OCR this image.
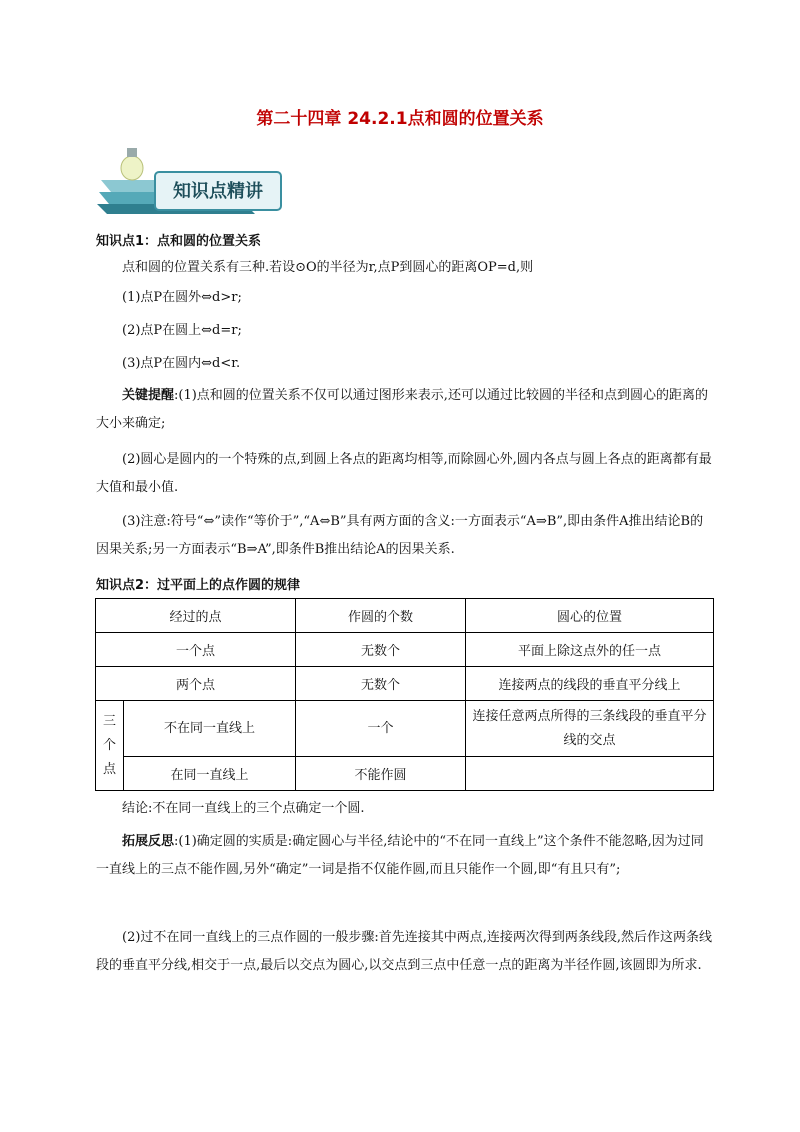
第二十四章 24.2.1点和圆的位置关系
知识点精讲
知识点1：点和圆的位置关系
点和圆的位置关系有三种.若设⊙O的半径为r,点P到圆心的距离OP=d,则
(1)点P在圆外⇔d>r;
(2)点P在圆上⇔d=r;
(3)点P在圆内⇔d<r.
关键提醒:(1)点和圆的位置关系不仅可以通过图形来表示,还可以通过比较圆的半径和点到圆心的距离的大小来确定;
(2)圆心是圆内的一个特殊的点,到圆上各点的距离均相等,而除圆心外,圆内各点与圆上各点的距离都有最大值和最小值.
(3)注意:符号“⇔”读作“等价于”,“A⇔B”具有两方面的含义:一方面表示“A⇒B”,即由条件A推出结论B的因果关系;另一方面表示“B⇒A”,即条件B推出结论A的因果关系.
知识点2：过平面上的点作圆的规律
经过的点		作圆的个数	圆心的位置
一个点		无数个	平面上除这点外的任一点
两个点		无数个	连接两点的线段的垂直平分线上

三
个
点	不在同一直线上	一个	连接任意两点所得的三条线段的垂直平分线的交点
	在同一直线上	不能作圆	
结论:不在同一直线上的三个点确定一个圆.
拓展反思:(1)确定圆的实质是:确定圆心与半径,结论中的“不在同一直线上”这个条件不能忽略,因为过同一直线上的三点不能作圆,另外“确定”一词是指不仅能作圆,而且只能作一个圆,即“有且只有”;
(2)过不在同一直线上的三点作圆的一般步骤:首先连接其中两点,连接两次得到两条线段,然后作这两条线段的垂直平分线,相交于一点,最后以交点为圆心,以交点到三点中任意一点的距离为半径作圆,该圆即为所求.
